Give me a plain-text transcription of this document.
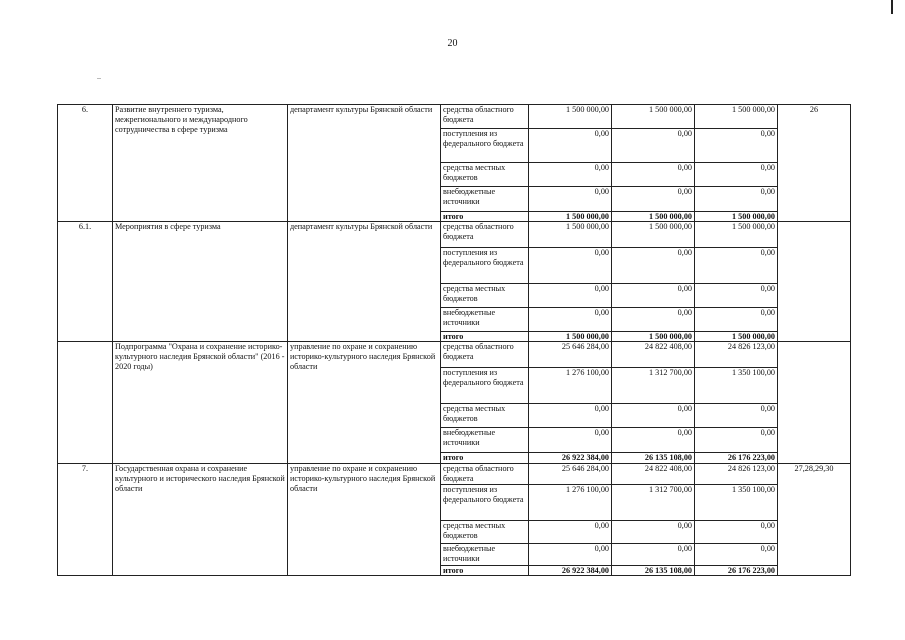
20
6.	Развитие внутреннего туризма, межрегионального и международного сотрудничества в сфере туризма	департамент культуры Брянской области	средства областного бюджета	1 500 000,00	1 500 000,00	1 500 000,00	26
			поступления из федерального бюджета	0,00	0,00	0,00	
			средства местных бюджетов	0,00	0,00	0,00	
			внебюджетные источники	0,00	0,00	0,00	
			итого	1 500 000,00	1 500 000,00	1 500 000,00	
6.1.	Мероприятия в сфере туризма	департамент культуры Брянской области	средства областного бюджета	1 500 000,00	1 500 000,00	1 500 000,00	
			поступления из федерального бюджета	0,00	0,00	0,00	
			средства местных бюджетов	0,00	0,00	0,00	
			внебюджетные источники	0,00	0,00	0,00	
			итого	1 500 000,00	1 500 000,00	1 500 000,00	
	Подпрограмма "Охрана и сохранение историко-культурного наследия Брянской области" (2016 - 2020 годы)	управление по охране и сохранению историко-культурного наследия Брянской области	средства областного бюджета	25 646 284,00	24 822 408,00	24 826 123,00	
			поступления из федерального бюджета	1 276 100,00	1 312 700,00	1 350 100,00	
			средства местных бюджетов	0,00	0,00	0,00	
			внебюджетные источники	0,00	0,00	0,00	
			итого	26 922 384,00	26 135 108,00	26 176 223,00	
7.	Государственная охрана и сохранение культурного и исторического наследия Брянской области	управление по охране и сохранению историко-культурного наследия Брянской области	средства областного бюджета	25 646 284,00	24 822 408,00	24 826 123,00	27,28,29,30
			поступления из федерального бюджета	1 276 100,00	1 312 700,00	1 350 100,00	
			средства местных бюджетов	0,00	0,00	0,00	
			внебюджетные источники	0,00	0,00	0,00	
			итого	26 922 384,00	26 135 108,00	26 176 223,00	
